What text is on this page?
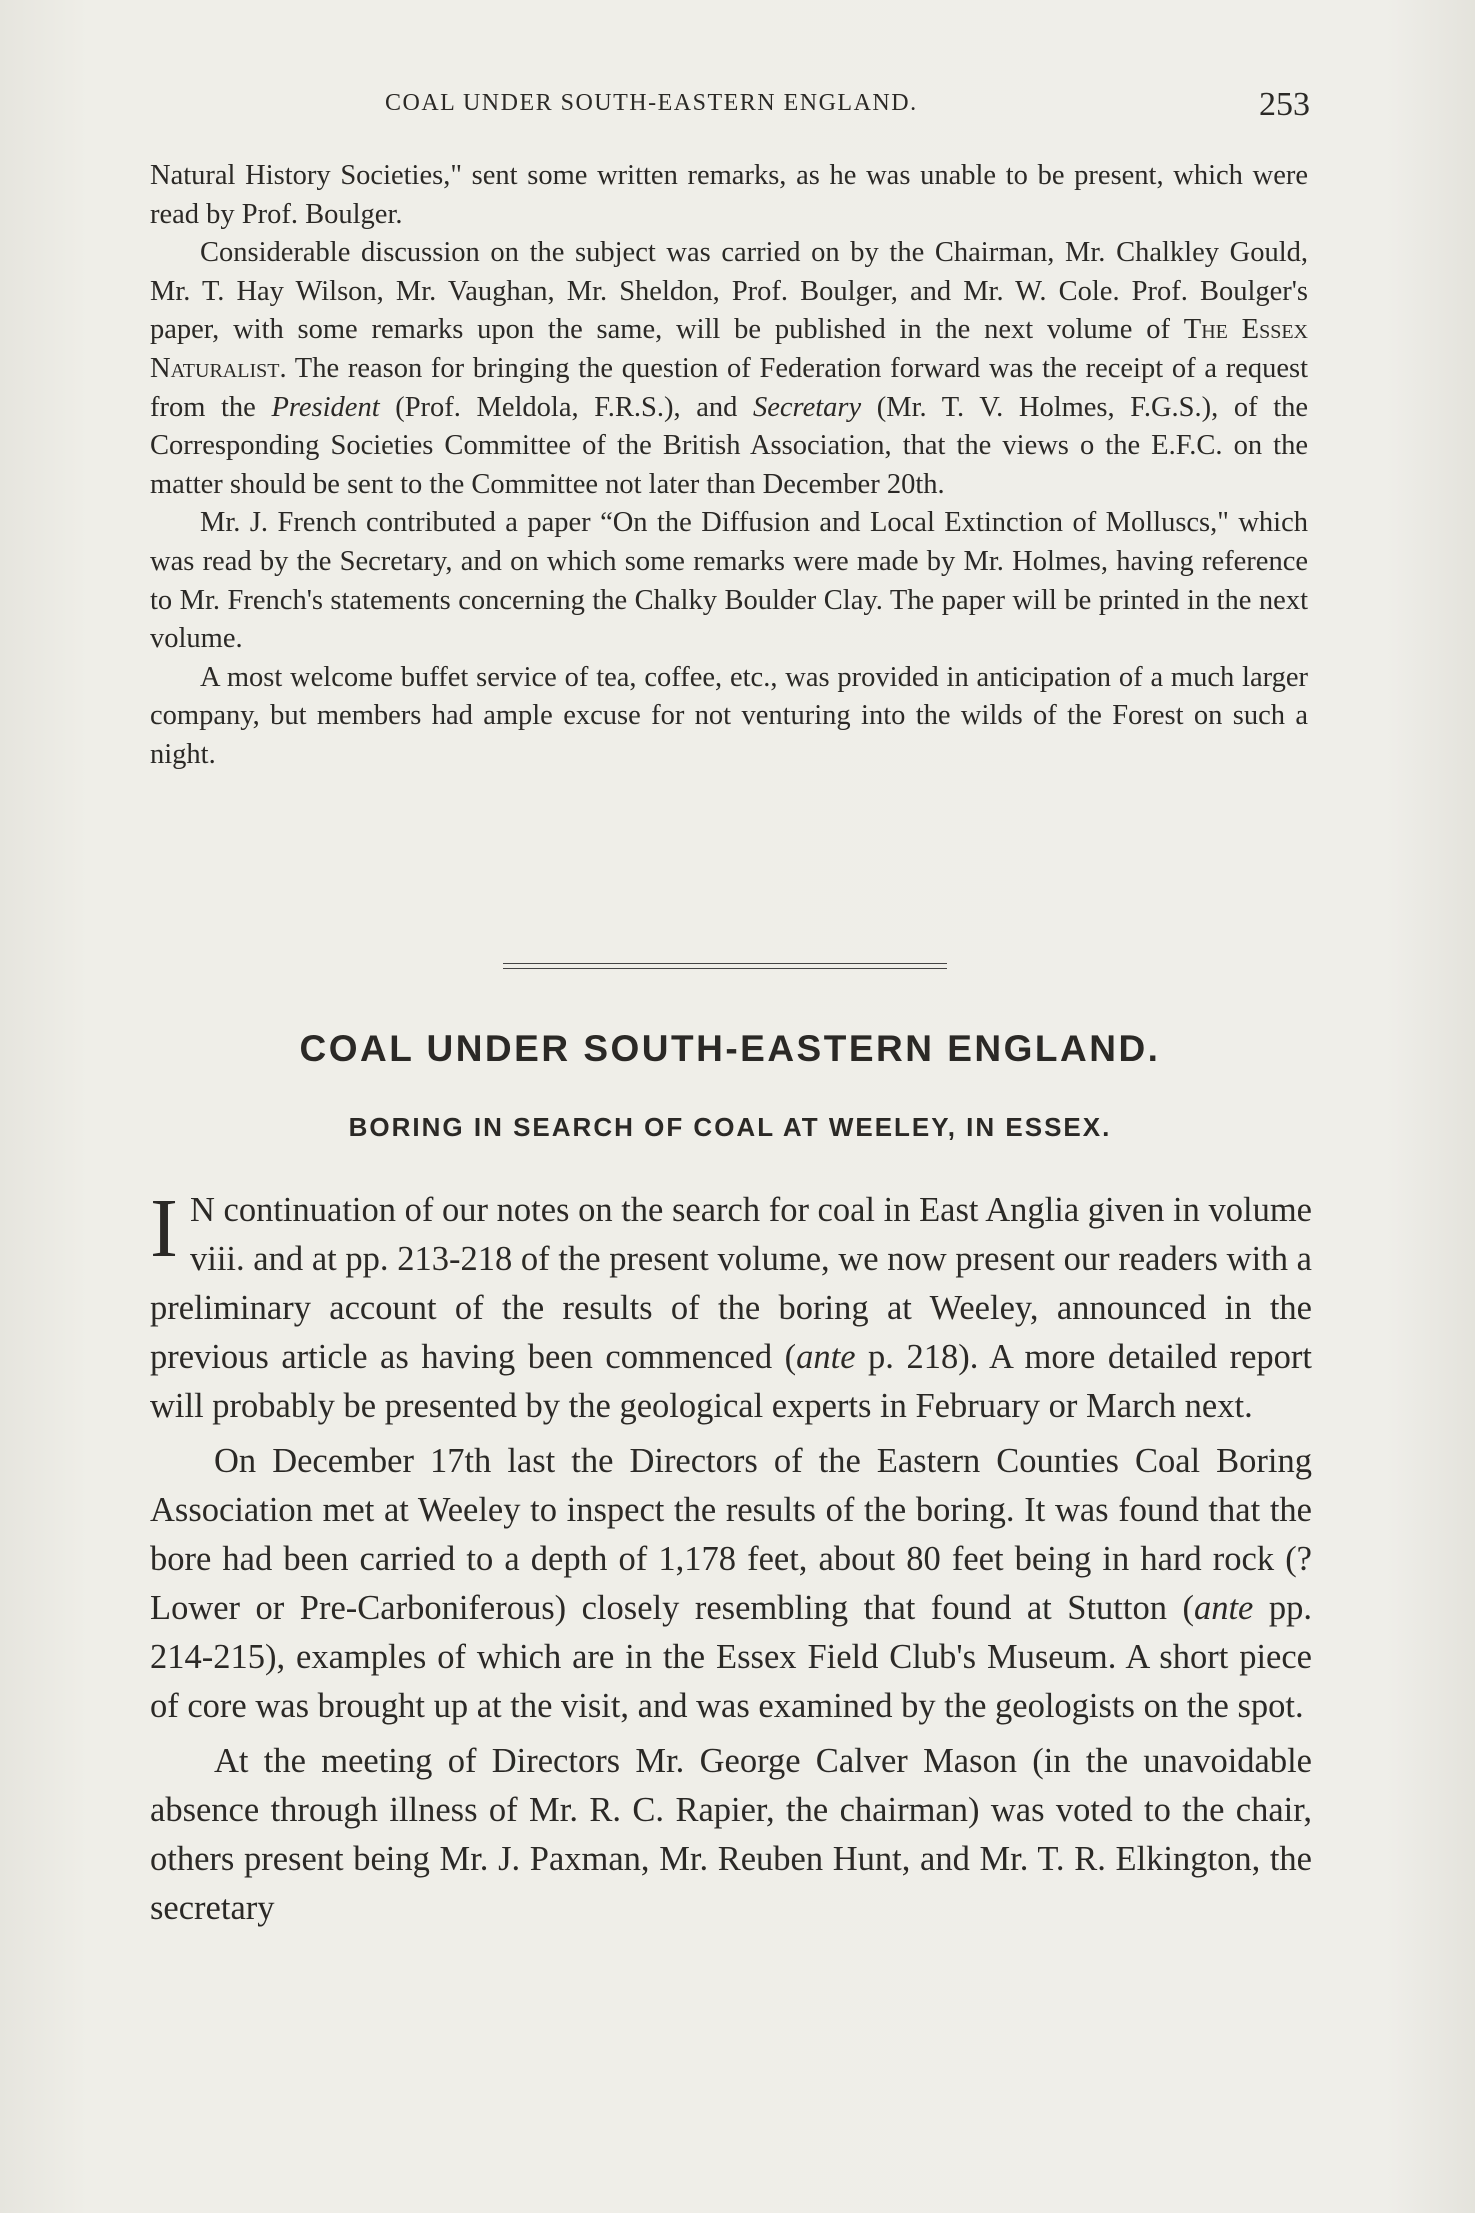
COAL UNDER SOUTH-EASTERN ENGLAND.	253

Natural History Societies," sent some written remarks, as he was unable to be present, which were read by Prof. Boulger.

Considerable discussion on the subject was carried on by the Chairman, Mr. Chalkley Gould, Mr. T. Hay Wilson, Mr. Vaughan, Mr. Sheldon, Prof. Boulger, and Mr. W. Cole. Prof. Boulger's paper, with some remarks upon the same, will be published in the next volume of The Essex Naturalist. The reason for bringing the question of Federation forward was the receipt of a request from the President (Prof. Meldola, F.R.S.), and Secretary (Mr. T. V. Holmes, F.G.S.), of the Corresponding Societies Committee of the British Association, that the views o the E.F.C. on the matter should be sent to the Committee not later than December 20th.

Mr. J. French contributed a paper “On the Diffusion and Local Extinction of Molluscs," which was read by the Secretary, and on which some remarks were made by Mr. Holmes, having reference to Mr. French's statements concerning the Chalky Boulder Clay. The paper will be printed in the next volume.

A most welcome buffet service of tea, coffee, etc., was provided in anticipation of a much larger company, but members had ample excuse for not venturing into the wilds of the Forest on such a night.

COAL UNDER SOUTH-EASTERN ENGLAND.
BORING IN SEARCH OF COAL AT WEELEY, IN ESSEX.

I N continuation of our notes on the search for coal in East Anglia given in volume viii. and at pp. 213-218 of the present volume, we now present our readers with a preliminary account of the results of the boring at Weeley, announced in the previous article as having been commenced (ante p. 218). A more detailed report will probably be presented by the geological experts in February or March next.

On December 17th last the Directors of the Eastern Counties Coal Boring Association met at Weeley to inspect the results of the boring. It was found that the bore had been carried to a depth of 1,178 feet, about 80 feet being in hard rock (? Lower or Pre-Carboniferous) closely resembling that found at Stutton (ante pp. 214-215), examples of which are in the Essex Field Club's Museum. A short piece of core was brought up at the visit, and was examined by the geologists on the spot.

At the meeting of Directors Mr. George Calver Mason (in the unavoidable absence through illness of Mr. R. C. Rapier, the chairman) was voted to the chair, others present being Mr. J. Paxman, Mr. Reuben Hunt, and Mr. T. R. Elkington, the secretary
